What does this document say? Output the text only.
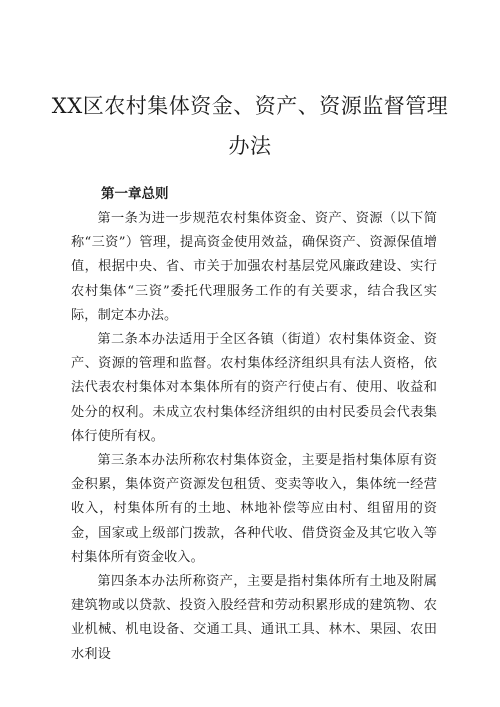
XX区农村集体资金、资产、资源监督管理
办法
第一章总则

第一条为进一步规范农村集体资金、资产、资源（以下简称“三资”）管理，提高资金使用效益，确保资产、资源保值增值，根据中央、省、市关于加强农村基层党风廉政建设、实行农村集体“三资”委托代理服务工作的有关要求，结合我区实际，制定本办法。

第二条本办法适用于全区各镇（街道）农村集体资金、资产、资源的管理和监督。农村集体经济组织具有法人资格，依法代表农村集体对本集体所有的资产行使占有、使用、收益和处分的权利。未成立农村集体经济组织的由村民委员会代表集体行使所有权。

第三条本办法所称农村集体资金，主要是指村集体原有资金积累，集体资产资源发包租赁、变卖等收入，集体统一经营收入，村集体所有的土地、林地补偿等应由村、组留用的资金，国家或上级部门拨款，各种代收、借贷资金及其它收入等村集体所有资金收入。

第四条本办法所称资产，主要是指村集体所有土地及附属建筑物或以贷款、投资入股经营和劳动积累形成的建筑物、农业机械、机电设备、交通工具、通讯工具、林木、果园、农田水利设
